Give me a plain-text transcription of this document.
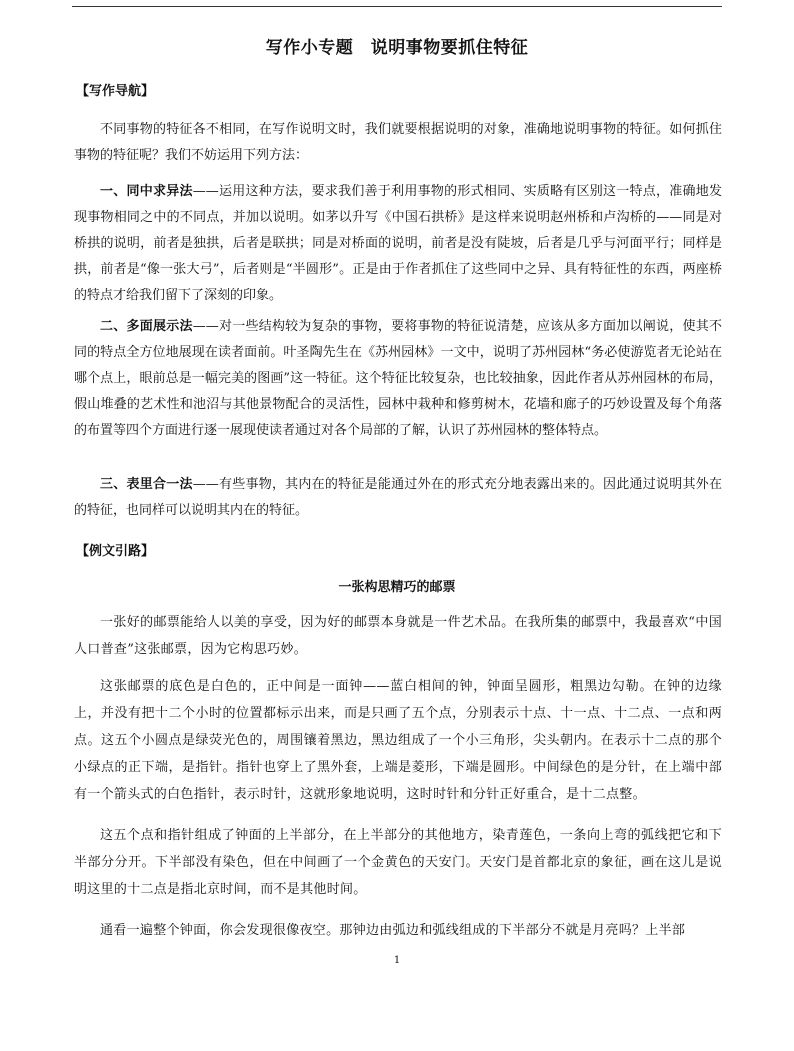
写作小专题　说明事物要抓住特征
【写作导航】

不同事物的特征各不相同，在写作说明文时，我们就要根据说明的对象，准确地说明事物的特征。如何抓住事物的特征呢？我们不妨运用下列方法：

一、同中求异法——运用这种方法，要求我们善于利用事物的形式相同、实质略有区别这一特点，准确地发现事物相同之中的不同点，并加以说明。如茅以升写《中国石拱桥》是这样来说明赵州桥和卢沟桥的——同是对桥拱的说明，前者是独拱，后者是联拱；同是对桥面的说明，前者是没有陡坡，后者是几乎与河面平行；同样是拱，前者是“像一张大弓”，后者则是“半圆形”。正是由于作者抓住了这些同中之异、具有特征性的东西，两座桥的特点才给我们留下了深刻的印象。

二、多面展示法——对一些结构较为复杂的事物，要将事物的特征说清楚，应该从多方面加以阐说，使其不同的特点全方位地展现在读者面前。叶圣陶先生在《苏州园林》一文中，说明了苏州园林“务必使游览者无论站在哪个点上，眼前总是一幅完美的图画”这一特征。这个特征比较复杂，也比较抽象，因此作者从苏州园林的布局，假山堆叠的艺术性和池沼与其他景物配合的灵活性，园林中栽种和修剪树木，花墙和廊子的巧妙设置及每个角落的布置等四个方面进行逐一展现使读者通过对各个局部的了解，认识了苏州园林的整体特点。

三、表里合一法——有些事物，其内在的特征是能通过外在的形式充分地表露出来的。因此通过说明其外在的特征，也同样可以说明其内在的特征。

【例文引路】
一张构思精巧的邮票

一张好的邮票能给人以美的享受，因为好的邮票本身就是一件艺术品。在我所集的邮票中，我最喜欢“中国人口普查”这张邮票，因为它构思巧妙。

这张邮票的底色是白色的，正中间是一面钟——蓝白相间的钟，钟面呈圆形，粗黑边勾勒。在钟的边缘上，并没有把十二个小时的位置都标示出来，而是只画了五个点，分别表示十点、十一点、十二点、一点和两点。这五个小圆点是绿荧光色的，周围镶着黑边，黑边组成了一个小三角形，尖头朝内。在表示十二点的那个小绿点的正下端，是指针。指针也穿上了黑外套，上端是菱形，下端是圆形。中间绿色的是分针，在上端中部有一个箭头式的白色指针，表示时针，这就形象地说明，这时时针和分针正好重合，是十二点整。

这五个点和指针组成了钟面的上半部分，在上半部分的其他地方，染青莲色，一条向上弯的弧线把它和下半部分分开。下半部没有染色，但在中间画了一个金黄色的天安门。天安门是首都北京的象征，画在这儿是说明这里的十二点是指北京时间，而不是其他时间。

通看一遍整个钟面，你会发现很像夜空。那钟边由弧边和弧线组成的下半部分不就是月亮吗？上半部

1
